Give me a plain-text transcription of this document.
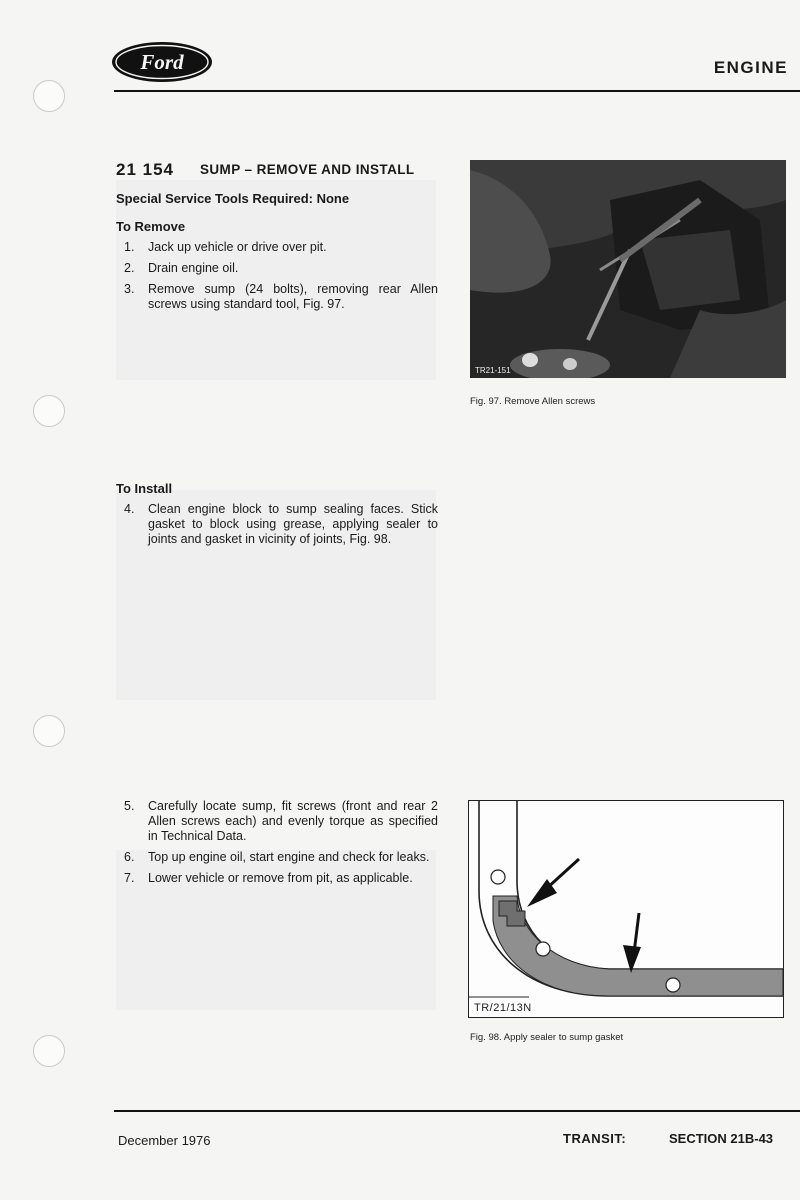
Ford	ENGINE
21 154 SUMP – REMOVE AND INSTALL
Special Service Tools Required: None
To Remove
1.	Jack up vehicle or drive over pit.
2.	Drain engine oil.
3.	Remove sump (24 bolts), removing rear Allen screws using standard tool, Fig. 97.
TR21-151
Fig. 97. Remove Allen screws
To Install
4.	Clean engine block to sump sealing faces. Stick gasket to block using grease, applying sealer to joints and gasket in vicinity of joints, Fig. 98.
5.	Carefully locate sump, fit screws (front and rear 2 Allen screws each) and evenly torque as specified in Technical Data.
6.	Top up engine oil, start engine and check for leaks.
7.	Lower vehicle or remove from pit, as applicable.
TR/21/13N
Fig. 98. Apply sealer to sump gasket
December 1976	TRANSIT:	SECTION 21B-43
